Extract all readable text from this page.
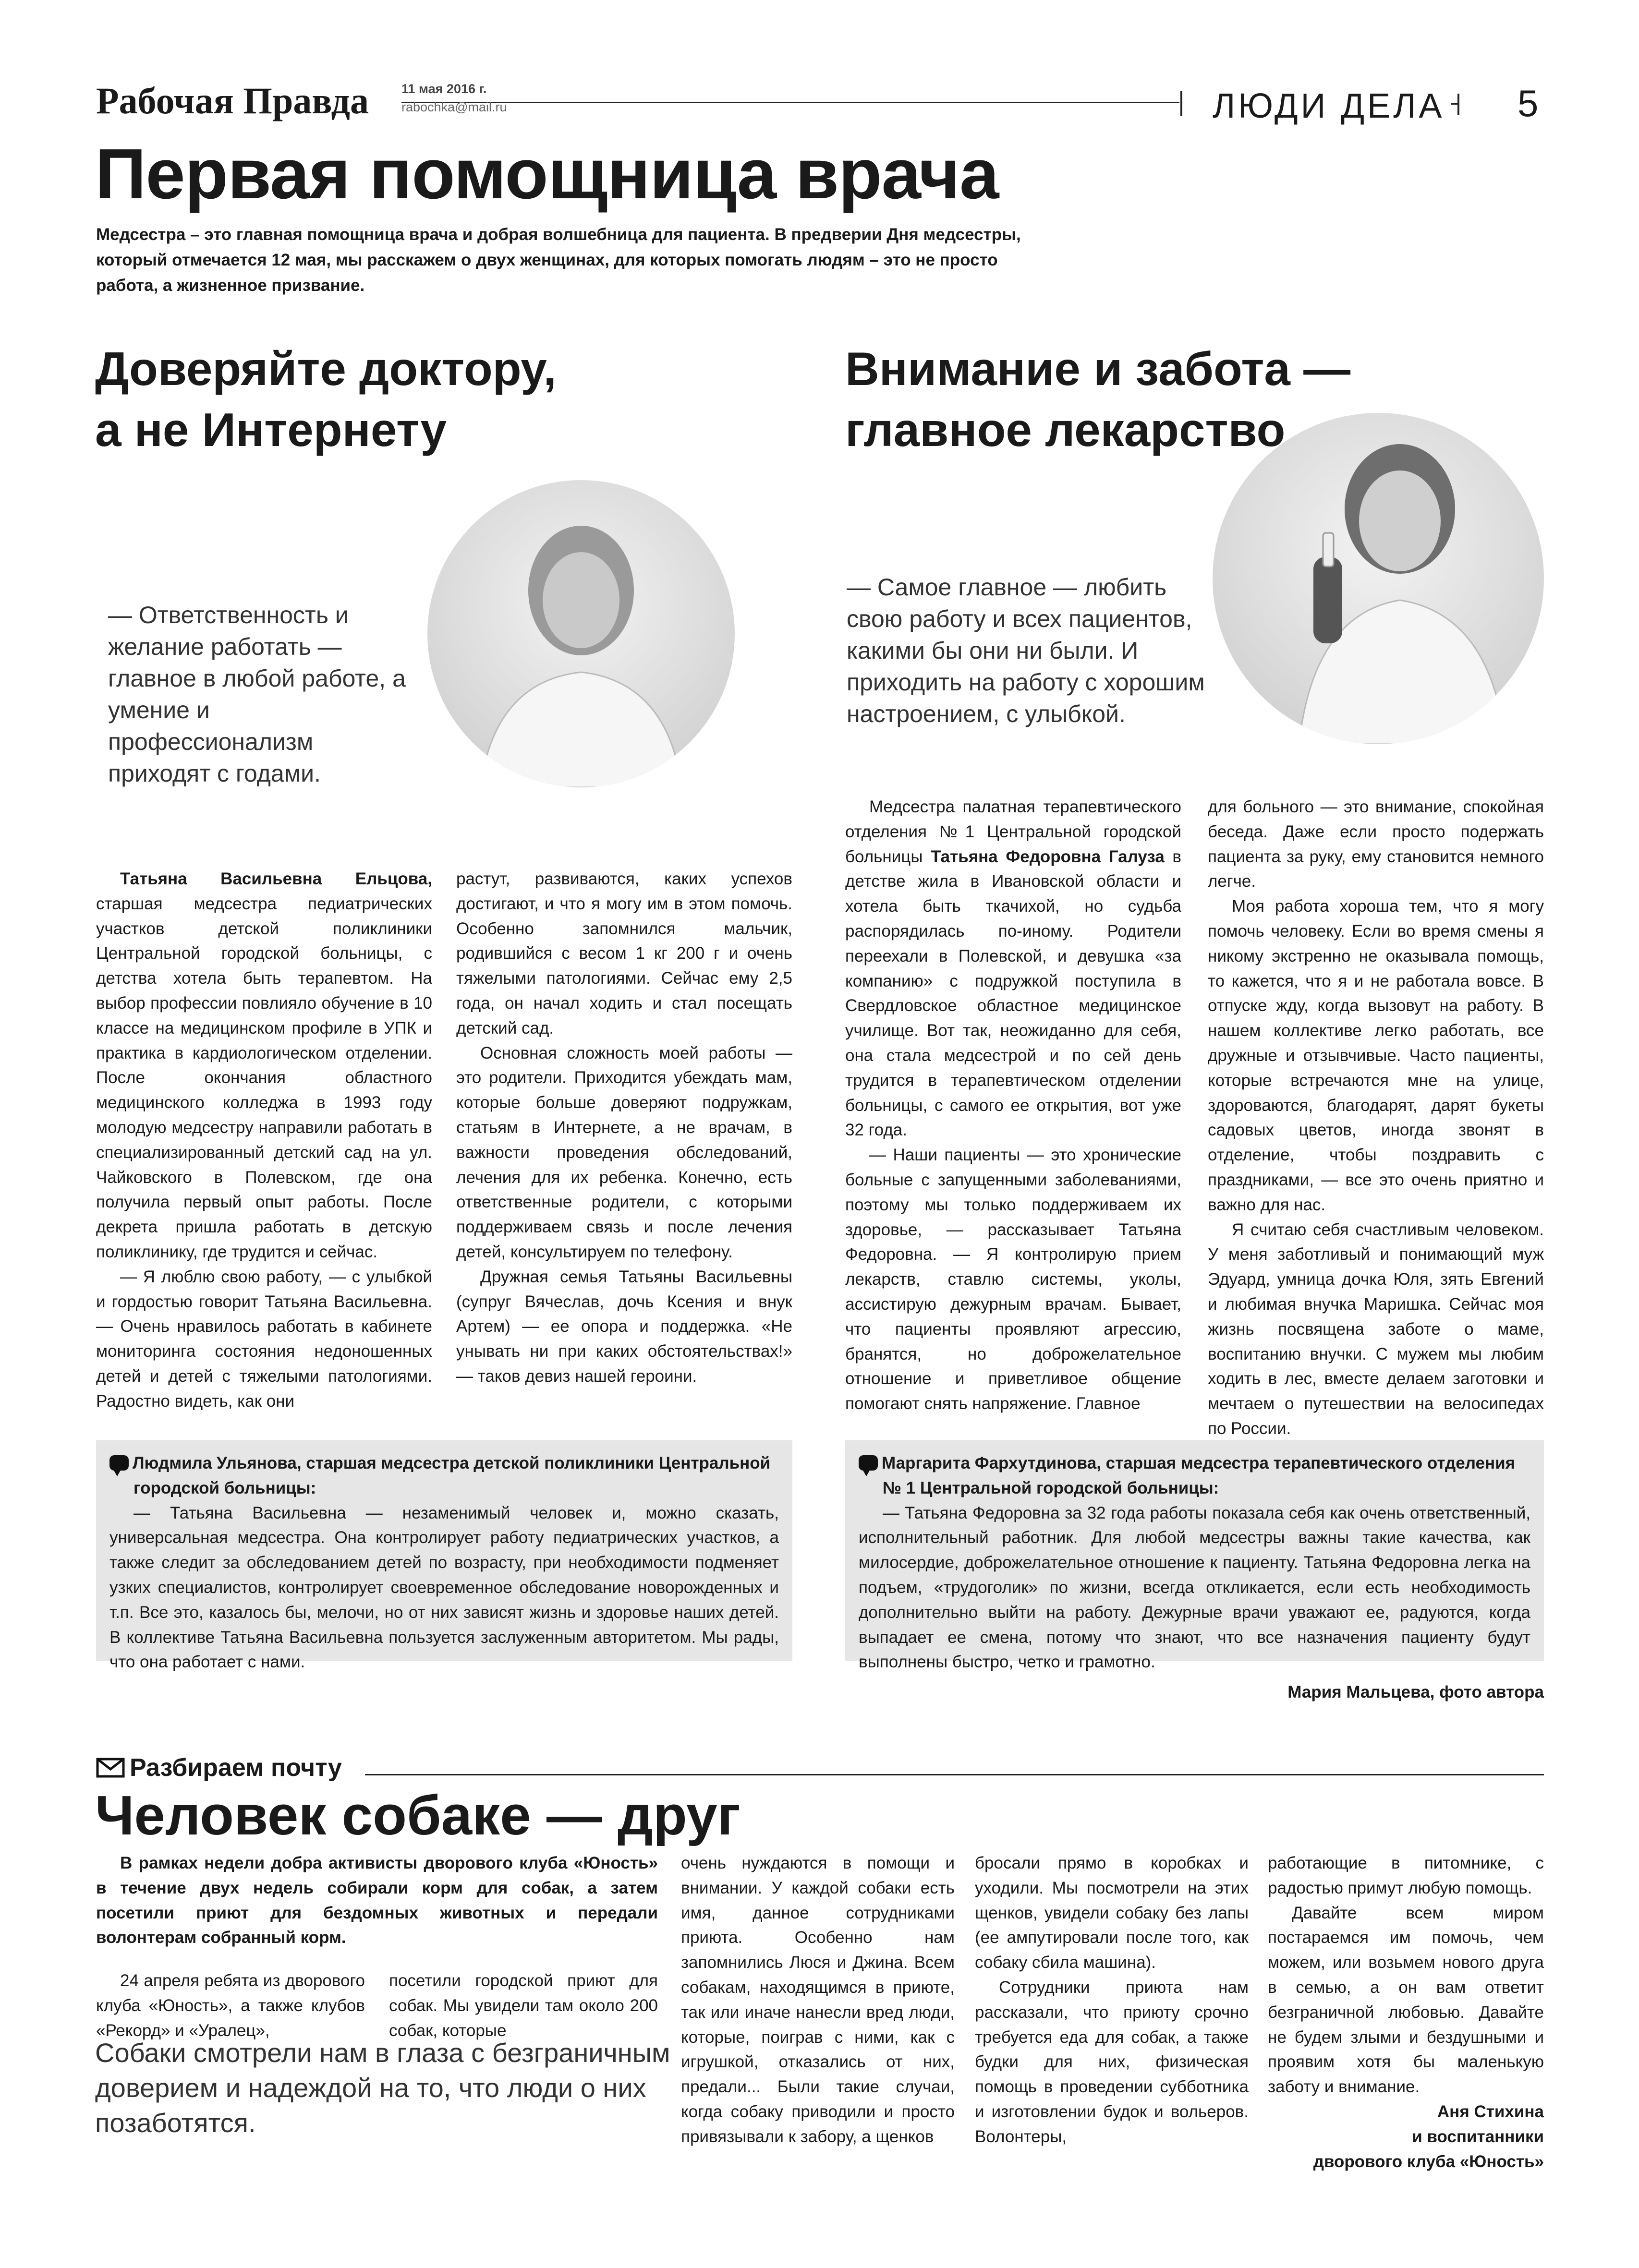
Рабочая Правда	11 мая 2016 г.
rabochka@mail.ru	ЛЮДИ ДЕЛА 5
Первая помощница врача
Медсестра – это главная помощница врача и добрая волшебница для пациента. В предверии Дня медсестры, который отмечается 12 мая, мы расскажем о двух женщинах, для которых помогать людям – это не просто работа, а жизненное призвание.
Доверяйте доктору,
а не Интернету
— Ответственность и желание работать — главное в любой работе, а умение и профессионализм приходят с годами.

Татьяна Васильевна Ельцова, старшая медсестра педиатрических участков детской поликлиники Центральной городской больницы, с детства хотела быть терапевтом. На выбор профессии повлияло обучение в 10 классе на медицинском профиле в УПК и практика в кардиологическом отделении. После окончания областного медицинского колледжа в 1993 году молодую медсестру направили работать в специализированный детский сад на ул. Чайковского в Полевском, где она получила первый опыт работы. После декрета пришла работать в детскую поликлинику, где трудится и сейчас.

— Я люблю свою работу, — с улыбкой и гордостью говорит Татьяна Васильевна. — Очень нравилось работать в кабинете мониторинга состояния недоношенных детей и детей с тяжелыми патологиями. Радостно видеть, как они

растут, развиваются, каких успехов достигают, и что я могу им в этом помочь. Особенно запомнился мальчик, родившийся с весом 1 кг 200 г и очень тяжелыми патологиями. Сейчас ему 2,5 года, он начал ходить и стал посещать детский сад.

Основная сложность моей работы — это родители. Приходится убеждать мам, которые больше доверяют подружкам, статьям в Интернете, а не врачам, в важности проведения обследований, лечения для их ребенка. Конечно, есть ответственные родители, с которыми поддерживаем связь и после лечения детей, консультируем по телефону.

Дружная семья Татьяны Васильевны (супруг Вячеслав, дочь Ксения и внук Артем) — ее опора и поддержка. «Не унывать ни при каких обстоятельствах!» — таков девиз нашей героини.

Людмила Ульянова, старшая медсестра детской поликлиники Центральной городской больницы:
— Татьяна Васильевна — незаменимый человек и, можно сказать, универсальная медсестра. Она контролирует работу педиатрических участков, а также следит за обследованием детей по возрасту, при необходимости подменяет узких специалистов, контролирует своевременное обследование новорожденных и т.п. Все это, казалось бы, мелочи, но от них зависят жизнь и здоровье наших детей. В коллективе Татьяна Васильевна пользуется заслуженным авторитетом. Мы рады, что она работает с нами.
Внимание и забота —
главное лекарство
— Самое главное — любить свою работу и всех пациентов, какими бы они ни были. И приходить на работу с хорошим настроением, с улыбкой.

Медсестра палатная терапевтического отделения №1 Центральной городской больницы Татьяна Федоровна Галуза в детстве жила в Ивановской области и хотела быть ткачихой, но судьба распорядилась по-иному. Родители переехали в Полевской, и девушка «за компанию» с подружкой поступила в Свердловское областное медицинское училище. Вот так, неожиданно для себя, она стала медсестрой и по сей день трудится в терапевтическом отделении больницы, с самого ее открытия, вот уже 32 года.

— Наши пациенты — это хронические больные с запущенными заболеваниями, поэтому мы только поддерживаем их здоровье, — рассказывает Татьяна Федоровна. — Я контролирую прием лекарств, ставлю системы, уколы, ассистирую дежурным врачам. Бывает, что пациенты проявляют агрессию, бранятся, но доброжелательное отношение и приветливое общение помогают снять напряжение. Главное

для больного — это внимание, спокойная беседа. Даже если просто подержать пациента за руку, ему становится немного легче.

Моя работа хороша тем, что я могу помочь человеку. Если во время смены я никому экстренно не оказывала помощь, то кажется, что я и не работала вовсе. В отпуске жду, когда вызовут на работу. В нашем коллективе легко работать, все дружные и отзывчивые. Часто пациенты, которые встречаются мне на улице, здороваются, благодарят, дарят букеты садовых цветов, иногда звонят в отделение, чтобы поздравить с праздниками, — все это очень приятно и важно для нас.

Я считаю себя счастливым человеком. У меня заботливый и понимающий муж Эдуард, умница дочка Юля, зять Евгений и любимая внучка Маришка. Сейчас моя жизнь посвящена заботе о маме, воспитанию внучки. С мужем мы любим ходить в лес, вместе делаем заготовки и мечтаем о путешествии на велосипедах по России.

Маргарита Фархутдинова, старшая медсестра терапевтического отделения № 1 Центральной городской больницы:
— Татьяна Федоровна за 32 года работы показала себя как очень ответственный, исполнительный работник. Для любой медсестры важны такие качества, как милосердие, доброжелательное отношение к пациенту. Татьяна Федоровна легка на подъем, «трудоголик» по жизни, всегда откликается, если есть необходимость дополнительно выйти на работу. Дежурные врачи уважают ее, радуются, когда выпадает ее смена, потому что знают, что все назначения пациенту будут выполнены быстро, четко и грамотно.
Мария Мальцева, фото автора
Разбираем почту
Человек собаке — друг

В рамках недели добра активисты дворового клуба «Юность» в течение двух недель собирали корм для собак, а затем посетили приют для бездомных животных и передали волонтерам собранный корм.

24 апреля ребята из дворового клуба «Юность», а также клубов «Рекорд» и «Уралец»,

посетили городской приют для собак. Мы увидели там около 200 собак, которые

Собаки смотрели нам в глаза с безграничным доверием и надеждой на то, что люди о них позаботятся.

очень нуждаются в помощи и внимании. У каждой собаки есть имя, данное сотрудниками приюта. Особенно нам запомнились Люся и Джина. Всем собакам, находящимся в приюте, так или иначе нанесли вред люди, которые, поиграв с ними, как с игрушкой, отказались от них, предали... Были такие случаи, когда собаку приводили и просто привязывали к забору, а щенков

бросали прямо в коробках и уходили. Мы посмотрели на этих щенков, увидели собаку без лапы (ее ампутировали после того, как собаку сбила машина).

Сотрудники приюта нам рассказали, что приюту срочно требуется еда для собак, а также будки для них, физическая помощь в проведении субботника и изготовлении будок и вольеров. Волонтеры,

работающие в питомнике, с радостью примут любую помощь.

Давайте всем миром постараемся им помочь, чем можем, или возьмем нового друга в семью, а он вам ответит безграничной любовью. Давайте не будем злыми и бездушными и проявим хотя бы маленькую заботу и внимание.

Аня Стихина
и воспитанники
дворового клуба «Юность»
